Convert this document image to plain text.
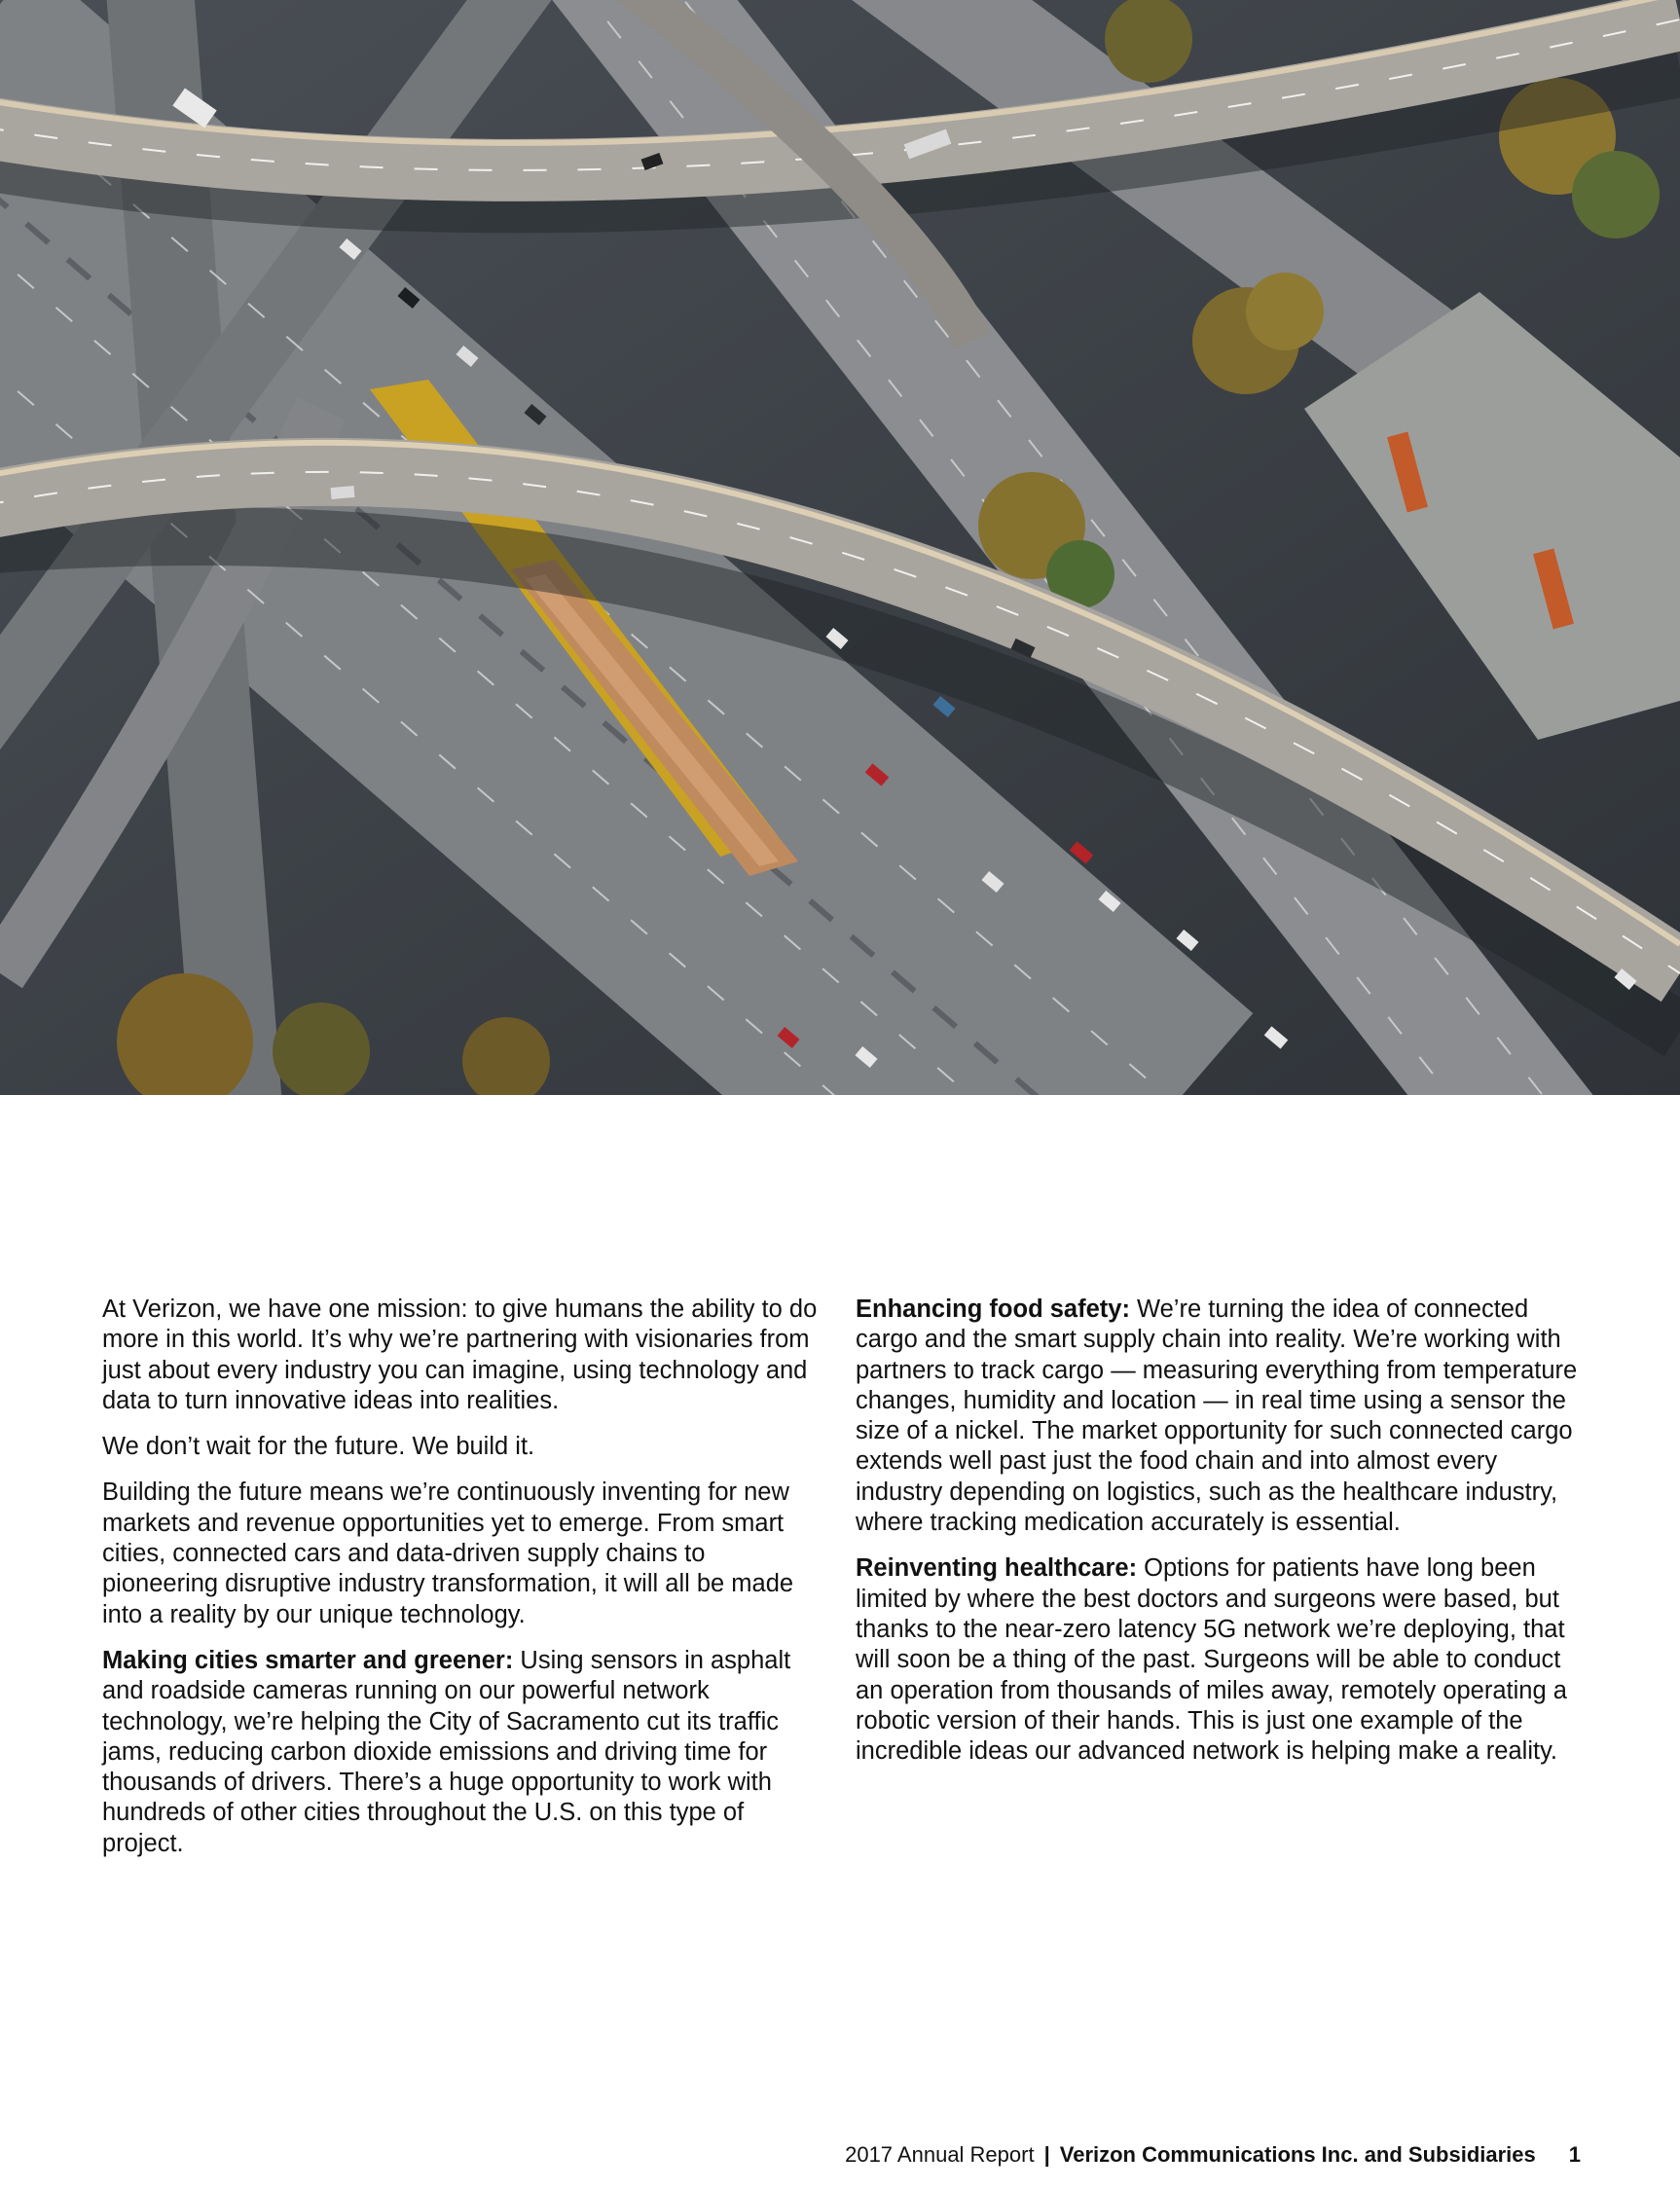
At Verizon, we have one mission: to give humans the ability to do more in this world. It’s why we’re partnering with visionaries from just about every industry you can imagine, using technology and data to turn innovative ideas into realities.

We don’t wait for the future. We build it.

Building the future means we’re continuously inventing for new markets and revenue opportunities yet to emerge. From smart cities, connected cars and data-driven supply chains to pioneering disruptive industry transformation, it will all be made into a reality by our unique technology.

Making cities smarter and greener: Using sensors in asphalt and roadside cameras running on our powerful network technology, we’re helping the City of Sacramento cut its traffic jams, reducing carbon dioxide emissions and driving time for thousands of drivers. There’s a huge opportunity to work with hundreds of other cities throughout the U.S. on this type of project.

Enhancing food safety: We’re turning the idea of connected cargo and the smart supply chain into reality. We’re working with partners to track cargo — measuring everything from temperature changes, humidity and location — in real time using a sensor the size of a nickel. The market opportunity for such connected cargo extends well past just the food chain and into almost every industry depending on logistics, such as the healthcare industry, where tracking medication accurately is essential.

Reinventing healthcare: Options for patients have long been limited by where the best doctors and surgeons were based, but thanks to the near-zero latency 5G network we’re deploying, that will soon be a thing of the past. Surgeons will be able to conduct an operation from thousands of miles away, remotely operating a robotic version of their hands. This is just one example of the incredible ideas our advanced network is helping make a reality.

2017 Annual Report | Verizon Communications Inc. and Subsidiaries 1
